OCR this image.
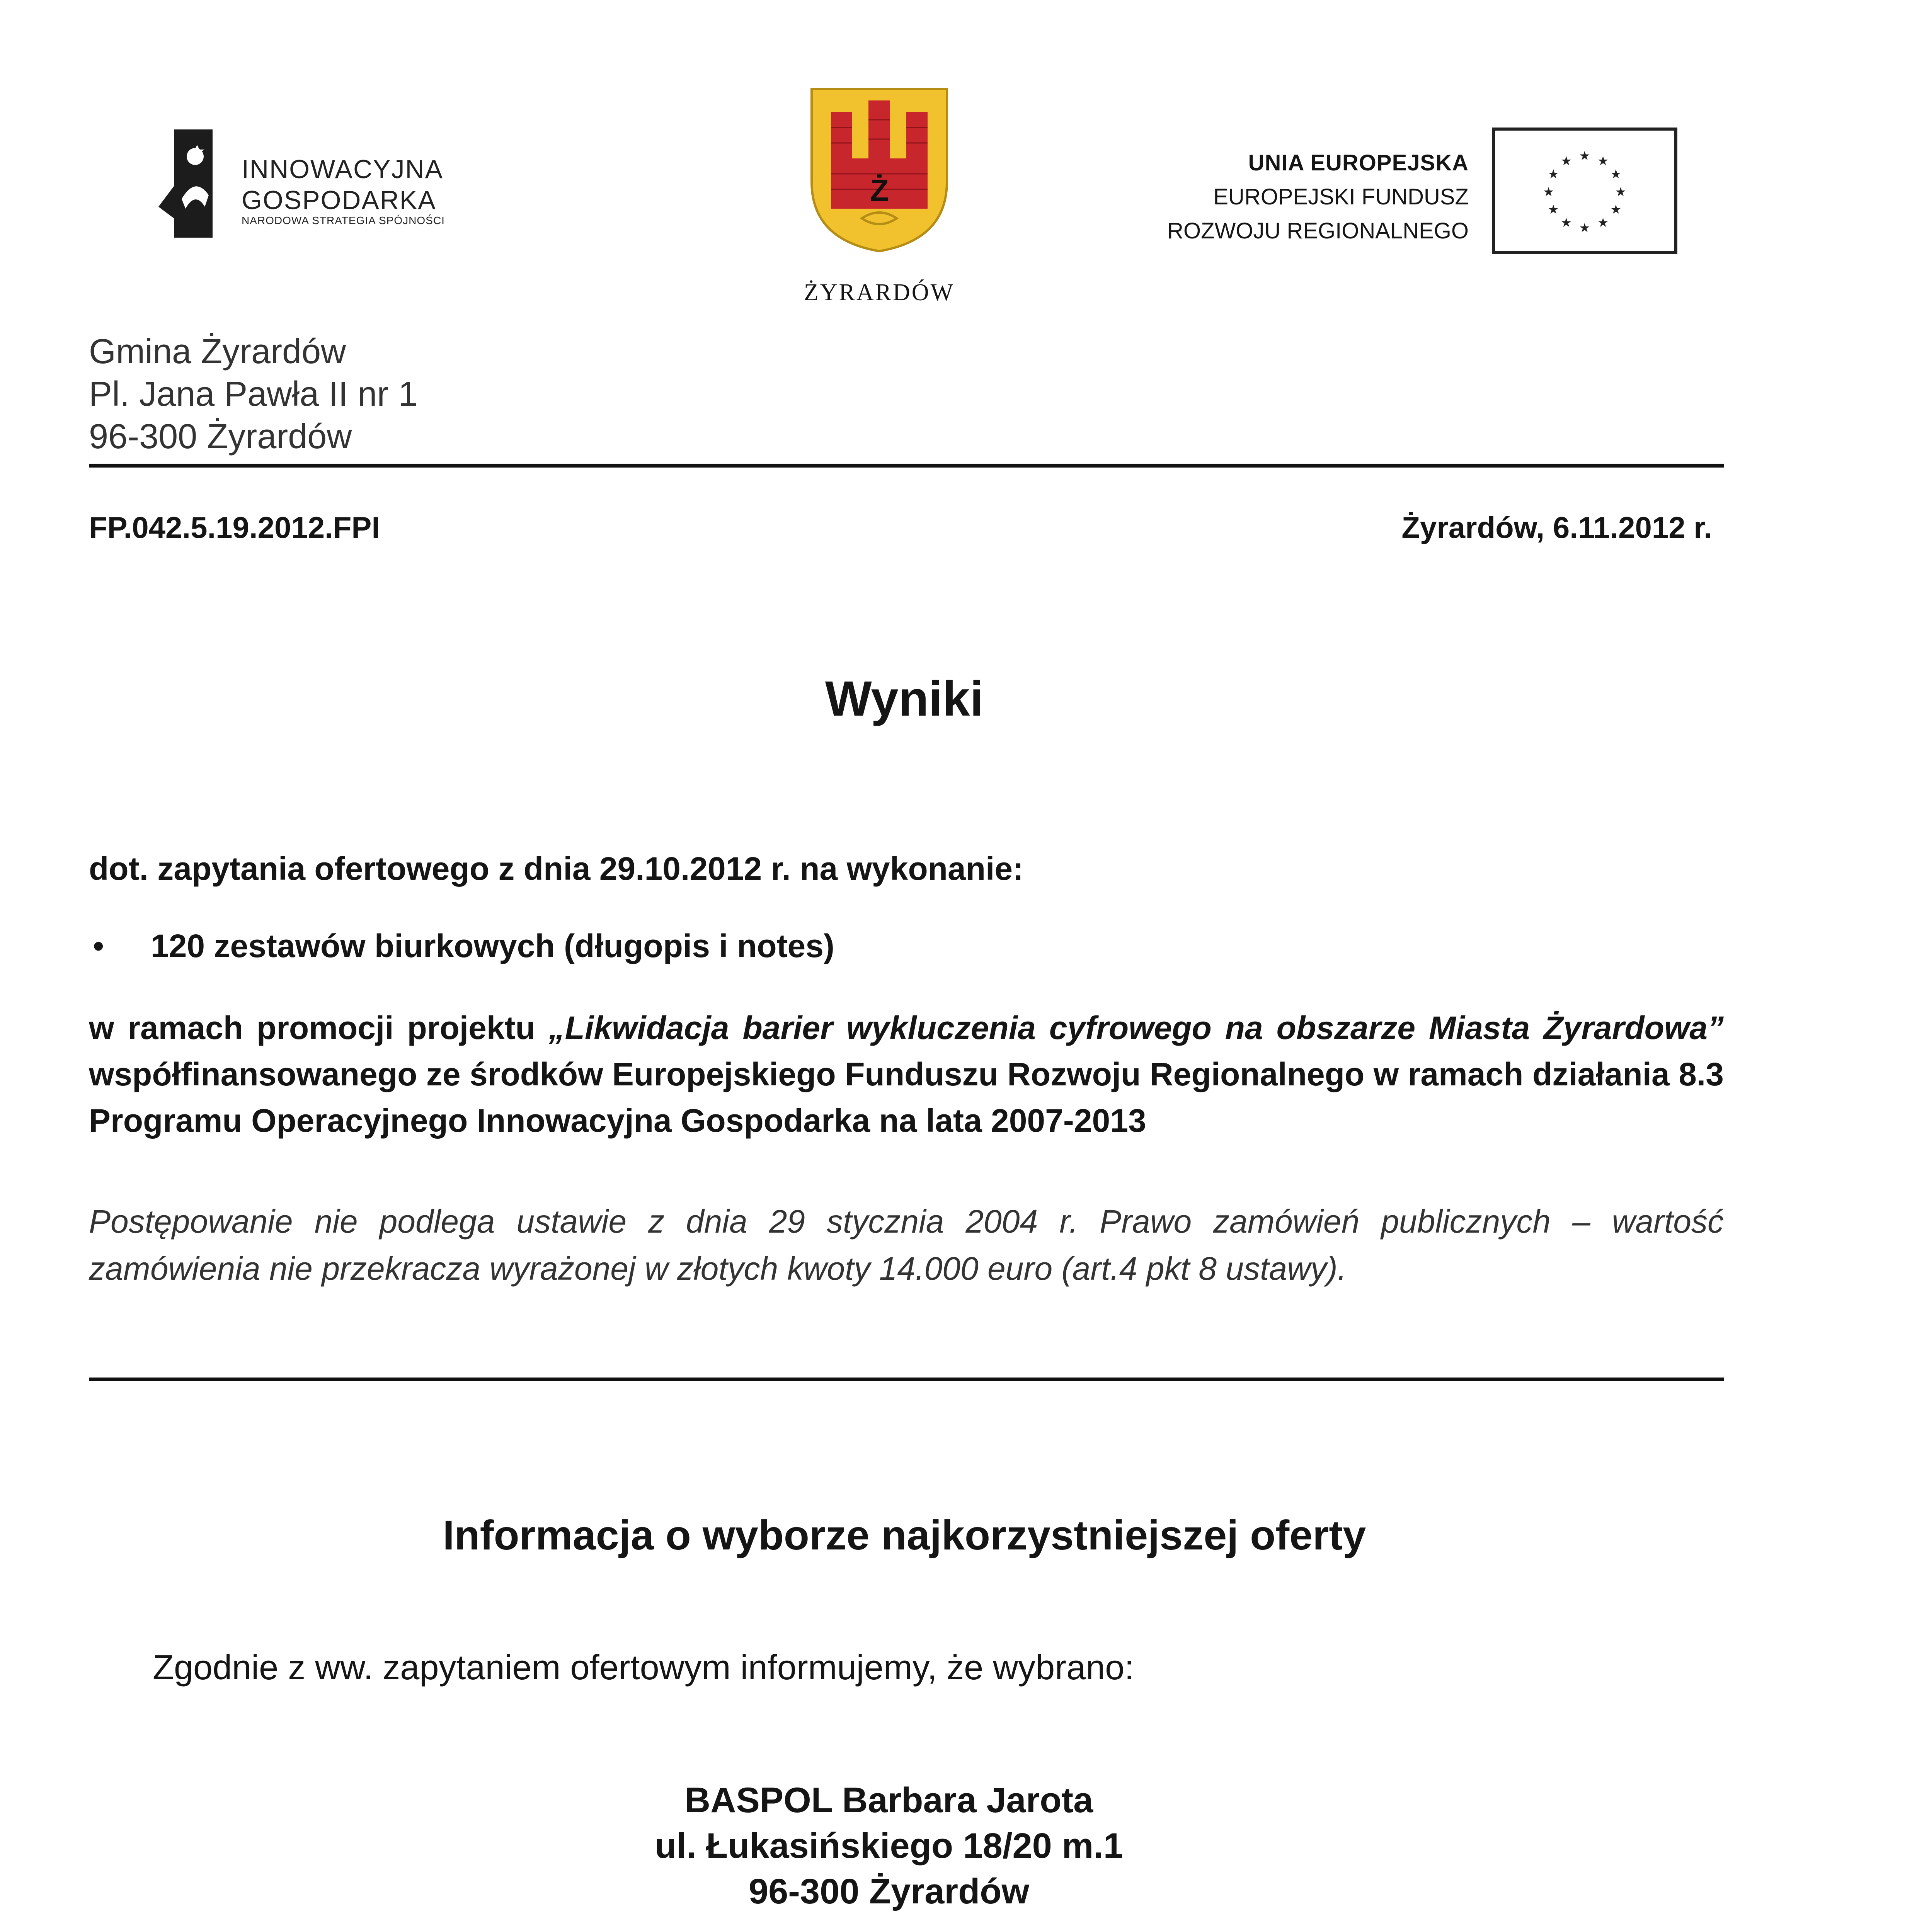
INNOWACYJNA
GOSPODARKA
NARODOWA STRATEGIA SPÓJNOŚCI
Ż
ŻYRARDÓW
UNIA EUROPEJSKA
EUROPEJSKI FUNDUSZ
ROZWOJU REGIONALNEGO
★ ★
★
★
★
★
★
★
★
★
★
★
Gmina Żyrardów
Pl. Jana Pawła II nr 1
96-300 Żyrardów
FP.042.5.19.2012.FPI	Żyrardów, 6.11.2012 r.
Wyniki
dot. zapytania ofertowego z dnia 29.10.2012 r. na wykonanie:
• 120 zestawów biurkowych (długopis i notes)
w ramach promocji projektu „Likwidacja barier wykluczenia cyfrowego na obszarze Miasta Żyrardowa” współfinansowanego ze środków Europejskiego Funduszu Rozwoju Regionalnego w ramach działania 8.3 Programu Operacyjnego Innowacyjna Gospodarka na lata 2007-2013
Postępowanie nie podlega ustawie z dnia 29 stycznia 2004 r. Prawo zamówień publicznych – wartość zamówienia nie przekracza wyrażonej w złotych kwoty 14.000 euro (art.4 pkt 8 ustawy).
Informacja o wyborze najkorzystniejszej oferty
Zgodnie z ww. zapytaniem ofertowym informujemy, że wybrano:
BASPOL Barbara Jarota
ul. Łukasińskiego 18/20 m.1
96-300 Żyrardów
